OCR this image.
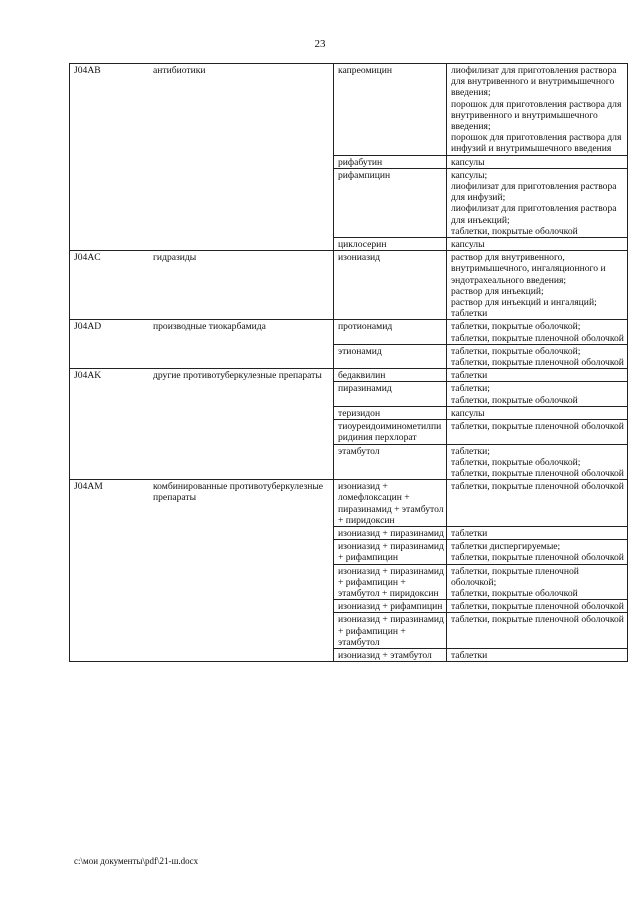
23
J04AB	антибиотики	капреомицин	лиофилизат для приготовления раствора для внутривенного и внутримышечного введения;
порошок для приготовления раствора для внутривенного и внутримышечного введения;
порошок для приготовления раствора для инфузий и внутримышечного введения

		рифабутин	капсулы

		рифампицин	капсулы;
лиофилизат для приготовления раствора для инфузий;
лиофилизат для приготовления раствора для инъекций;
таблетки, покрытые оболочкой

		циклосерин	капсулы

J04AC	гидразиды	изониазид	раствор для внутривенного, внутримышечного, ингаляционного и эндотрахеального введения;
раствор для инъекций;
раствор для инъекций и ингаляций;
таблетки

J04AD	производные тиокарбамида	протионамид	таблетки, покрытые оболочкой;
таблетки, покрытые пленочной оболочкой

		этионамид	таблетки, покрытые оболочкой;
таблетки, покрытые пленочной оболочкой

J04AK	другие противотуберкулезные препараты	бедаквилин	таблетки

		пиразинамид	таблетки;
таблетки, покрытые оболочкой

		теризидон	капсулы

		тиоуреидоиминометилпиридиния перхлорат	таблетки, покрытые пленочной оболочкой

		этамбутол	таблетки;
таблетки, покрытые оболочкой;
таблетки, покрытые пленочной оболочкой

J04AM	комбинированные противотуберкулезные препараты	изониазид + ломефлоксацин + пиразинамид + этамбутол + пиридоксин	таблетки, покрытые пленочной оболочкой

		изониазид + пиразинамид	таблетки

		изониазид + пиразинамид + рифампицин	таблетки диспергируемые;
таблетки, покрытые пленочной оболочкой

		изониазид + пиразинамид + рифампицин + этамбутол + пиридоксин	таблетки, покрытые пленочной оболочкой;
таблетки, покрытые оболочкой

		изониазид + рифампицин	таблетки, покрытые пленочной оболочкой

		изониазид + пиразинамид + рифампицин + этамбутол	таблетки, покрытые пленочной оболочкой

		изониазид + этамбутол	таблетки
c:\мои документы\pdf\21-ш.docx
